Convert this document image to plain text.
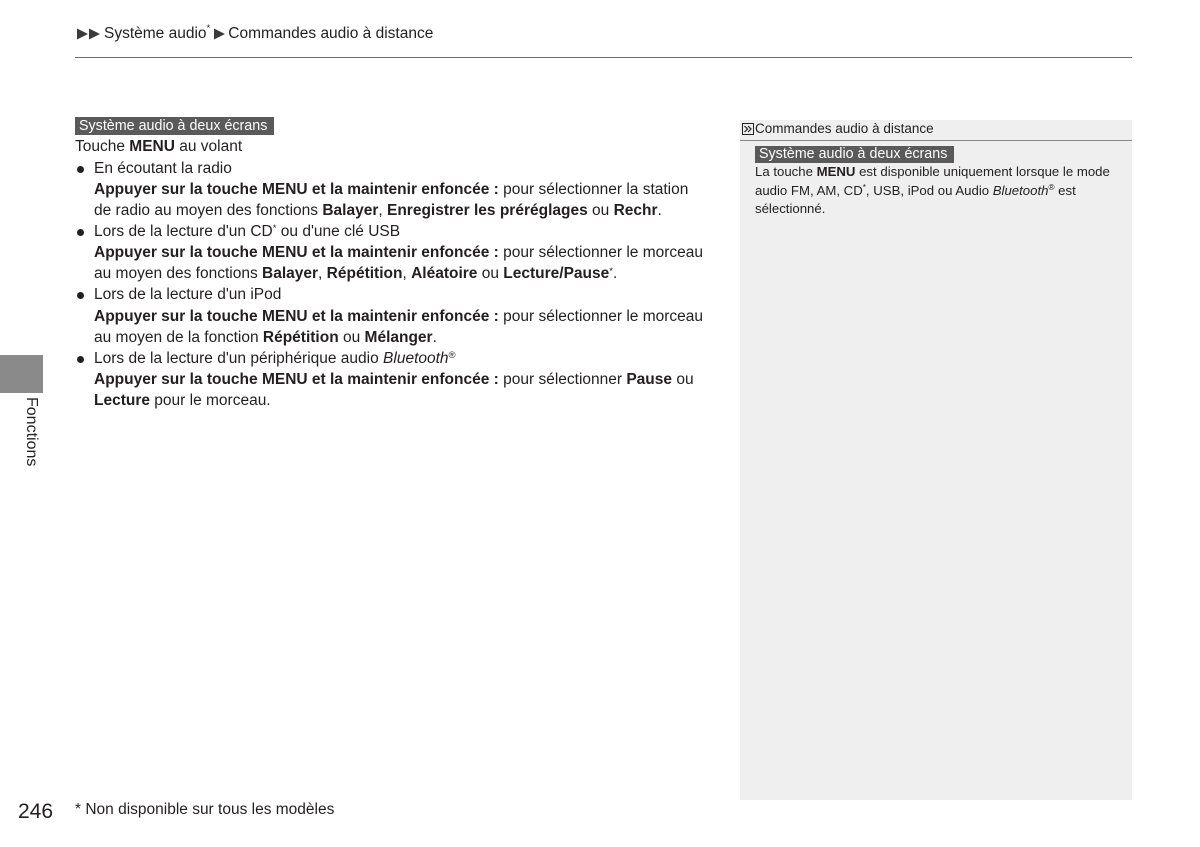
Système audio * Commandes audio à distance
Système audio à deux écrans
Touche MENU au volant
En écoutant la radio
Appuyer sur la touche MENU et la maintenir enfoncée : pour sélectionner la station
de radio au moyen des fonctions Balayer, Enregistrer les préréglages ou Rechr.
Lors de la lecture d'un CD* ou d'une clé USB
Appuyer sur la touche MENU et la maintenir enfoncée : pour sélectionner le morceau
au moyen des fonctions Balayer, Répétition, Aléatoire ou Lecture/Pause*.
Lors de la lecture d'un iPod
Appuyer sur la touche MENU et la maintenir enfoncée : pour sélectionner le morceau
au moyen de la fonction Répétition ou Mélanger.
Lors de la lecture d'un périphérique audio Bluetooth®
Appuyer sur la touche MENU et la maintenir enfoncée : pour sélectionner Pause ou
Lecture pour le morceau.
Fonctions
Commandes audio à distance
Système audio à deux écrans
La touche MENU est disponible uniquement lorsque le mode
audio FM, AM, CD*, USB, iPod ou Audio Bluetooth® est
sélectionné.
246 * Non disponible sur tous les modèles
